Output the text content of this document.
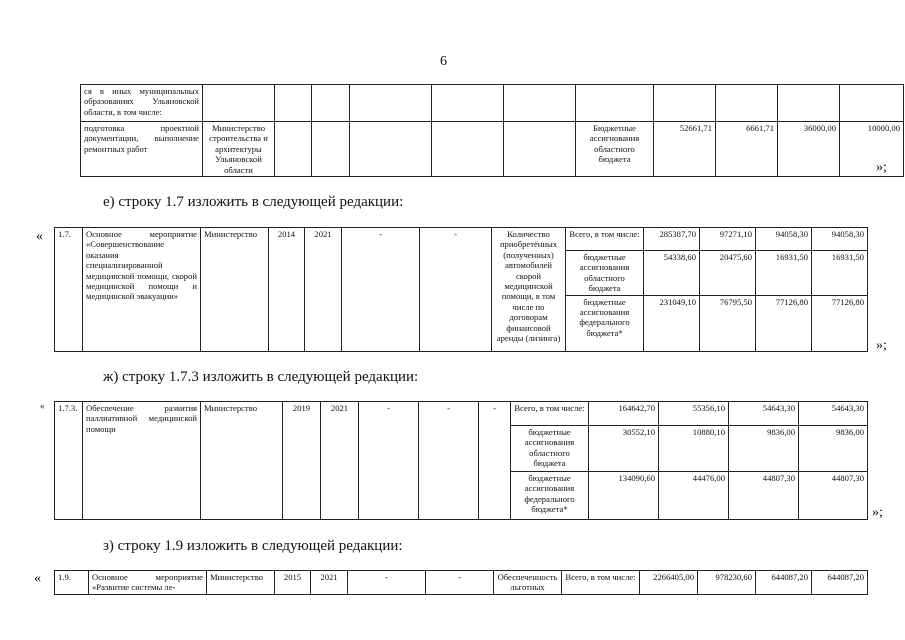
6
ся в иных муниципальных образованиях Ульяновской области, в том числе:											
подготовка проектной документации, выполнение ремонтных работ	Министерство строительства и архитектуры Ульяновской области						Бюджетные ассигнования областного бюджета	52661,71	6661,71	36000,00	10000,00
»;
е) строку 1.7 изложить в следующей редакции:
« 1.7.	Основное мероприятие «Совершенствование оказания специализированной медицинской помощи, скорой медицинской помощи и медицинской эвакуации»	Министерство	2014	2021	-	-	Количество приобретённых (полученных) автомобилей скорой медицинской помощи, в том числе по договорам финансовой аренды (лизинга)	Всего, в том числе:	285387,70	97271,10	94058,30	94058,30
								бюджетные ассигнования областного бюджета	54338,60	20475,60	16931,50	16931,50
								бюджетные ассигнования федерального бюджета*	231049,10	76795,50	77126,80	77126,80
»;
ж) строку 1.7.3 изложить в следующей редакции:
« 1.7.3.	Обеспечение развития паллиативной медицинской помощи	Министерство	2019	2021	-	-	-	Всего, в том числе:	164642,70	55356,10	54643,30	54643,30
								бюджетные ассигнования областного бюджета	30552,10	10880,10	9836,00	9836,00
								бюджетные ассигнования федерального бюджета*	134090,60	44476,00	44807,30	44807,30
»;
з) строку 1.9 изложить в следующей редакции:
« 1.9.	Основное мероприятие «Развитие системы ле-	Министерство	2015	2021	-	-	Обеспеченность льготных	Всего, в том числе:	2266405,00	978230,60	644087,20	644087,20
